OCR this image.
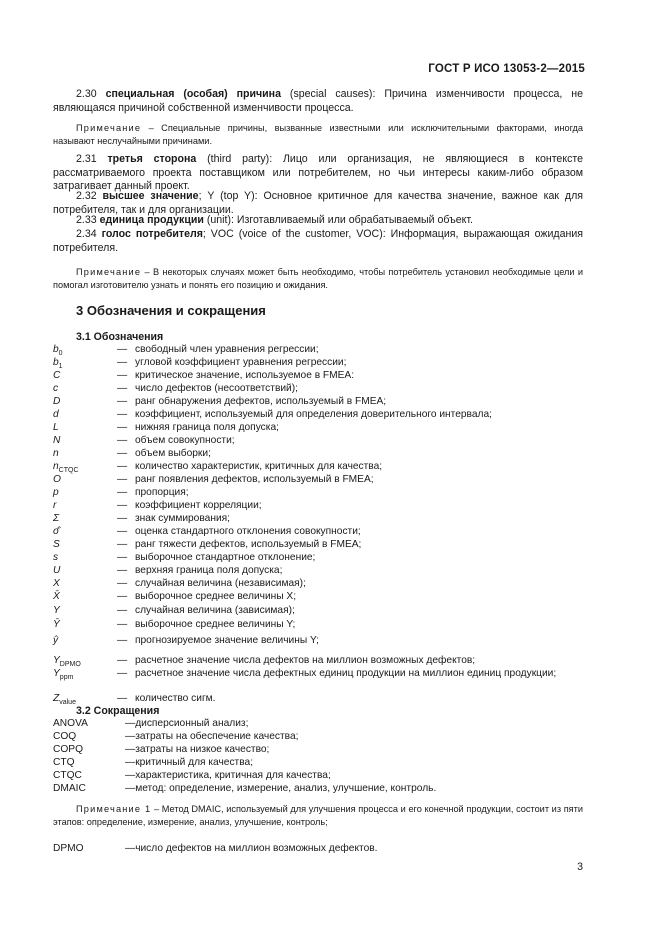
ГОСТ Р ИСО 13053-2—2015
2.30 специальная (особая) причина (special causes): Причина изменчивости процесса, не являющаяся причиной собственной изменчивости процесса.
Примечание – Специальные причины, вызванные известными или исключительными факторами, иногда называют неслучайными причинами.
2.31 третья сторона (third party): Лицо или организация, не являющиеся в контексте рассматриваемого проекта поставщиком или потребителем, но чьи интересы каким-либо образом затрагивает данный проект.
2.32 высшее значение; Y (top Y): Основное критичное для качества значение, важное как для потребителя, так и для организации.
2.33 единица продукции (unit): Изготавливаемый или обрабатываемый объект.
2.34 голос потребителя; VOC (voice of the customer, VOC): Информация, выражающая ожидания потребителя.
Примечание – В некоторых случаях может быть необходимо, чтобы потребитель установил необходимые цели и помогал изготовителю узнать и понять его позицию и ожидания.
3 Обозначения и сокращения
3.1 Обозначения
$b_0$	— свободный член уравнения регрессии;
$b_1$	— угловой коэффициент уравнения регрессии;
C	— критическое значение, используемое в FMEA:
c	— число дефектов (несоответствий);
D	— ранг обнаружения дефектов, используемый в FMEA;
d	— коэффициент, используемый для определения доверительного интервала;
L	— нижняя граница поля допуска;
N	— объем совокупности;
n	— объем выборки;
$n_{CTQC}$	— количество характеристик, критичных для качества;
O	— ранг появления дефектов, используемый в FMEA;
p	— пропорция;
r	— коэффициент корреляции;
Σ	— знак суммирования;
σ̂	— оценка стандартного отклонения совокупности;
S	— ранг тяжести дефектов, используемый в FMEA;
s	— выборочное стандартное отклонение;
U	— верхняя граница поля допуска;
X	— случайная величина (независимая);
X̄	— выборочное среднее величины X;
Y	— случайная величина (зависимая);
Ȳ	— выборочное среднее величины Y;
ŷ	— прогнозируемое значение величины Y;
$Y_{DPMO}$	— расчетное значение числа дефектов на миллион возможных дефектов;
$Y_{ppm}$	— расчетное значение числа дефектных единиц продукции на миллион единиц продукции;
$Z_{value}$	— количество сигм.
3.2 Сокращения
ANOVA	—дисперсионный анализ;
COQ	—затраты на обеспечение качества;
COPQ	—затраты на низкое качество;
CTQ	—критичный для качества;
CTQC	—характеристика, критичная для качества;
DMAIC	—метод: определение, измерение, анализ, улучшение, контроль.
Примечание 1 – Метод DMAIC, используемый для улучшения процесса и его конечной продукции, состоит из пяти этапов: определение, измерение, анализ, улучшение, контроль;
DPMO	—число дефектов на миллион возможных дефектов.
3
